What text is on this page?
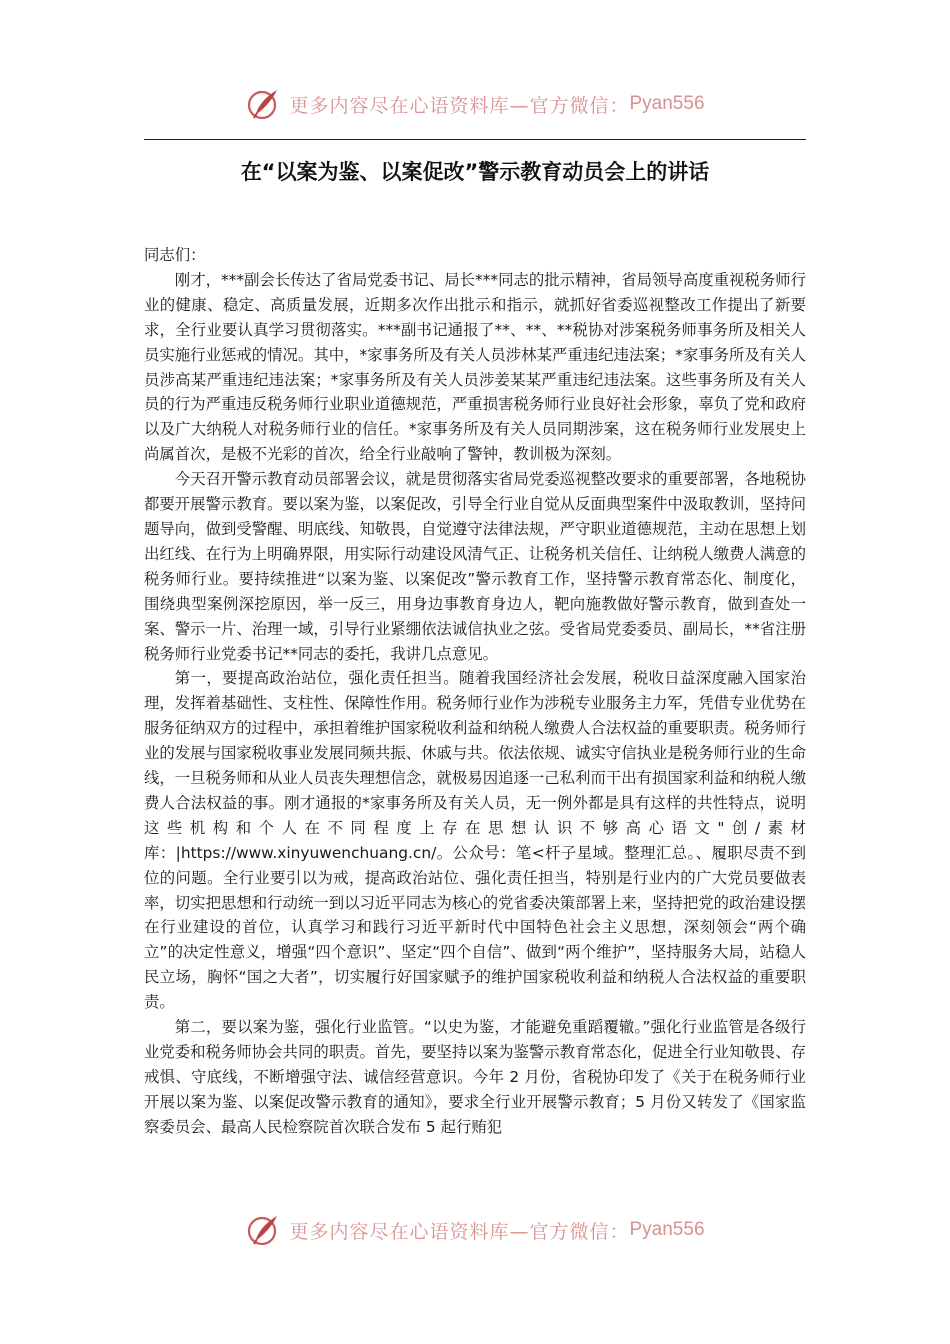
更多内容尽在心语资料库—官方微信： Pyan556
在“以案为鉴、以案促改”警示教育动员会上的讲话

同志们：

刚才，***副会长传达了省局党委书记、局长***同志的批示精神，省局领导高度重视税务师行业的健康、稳定、高质量发展，近期多次作出批示和指示，就抓好省委巡视整改工作提出了新要求，全行业要认真学习贯彻落实。***副书记通报了**、**、**税协对涉案税务师事务所及相关人员实施行业惩戒的情况。其中，*家事务所及有关人员涉林某严重违纪违法案；*家事务所及有关人员涉高某严重违纪违法案；*家事务所及有关人员涉姜某某严重违纪违法案。这些事务所及有关人员的行为严重违反税务师行业职业道德规范，严重损害税务师行业良好社会形象，辜负了党和政府以及广大纳税人对税务师行业的信任。*家事务所及有关人员同期涉案，这在税务师行业发展史上尚属首次，是极不光彩的首次，给全行业敲响了警钟，教训极为深刻。

今天召开警示教育动员部署会议，就是贯彻落实省局党委巡视整改要求的重要部署，各地税协都要开展警示教育。要以案为鉴，以案促改，引导全行业自觉从反面典型案件中汲取教训，坚持问题导向，做到受警醒、明底线、知敬畏，自觉遵守法律法规，严守职业道德规范，主动在思想上划出红线、在行为上明确界限，用实际行动建设风清气正、让税务机关信任、让纳税人缴费人满意的税务师行业。要持续推进“以案为鉴、以案促改”警示教育工作，坚持警示教育常态化、制度化，围绕典型案例深挖原因，举一反三，用身边事教育身边人，靶向施教做好警示教育，做到查处一案、警示一片、治理一域，引导行业紧绷依法诚信执业之弦。受省局党委委员、副局长，**省注册税务师行业党委书记**同志的委托，我讲几点意见。

第一，要提高政治站位，强化责任担当。随着我国经济社会发展，税收日益深度融入国家治理，发挥着基础性、支柱性、保障性作用。税务师行业作为涉税专业服务主力军，凭借专业优势在服务征纳双方的过程中，承担着维护国家税收利益和纳税人缴费人合法权益的重要职责。税务师行业的发展与国家税收事业发展同频共振、休戚与共。依法依规、诚实守信执业是税务师行业的生命线，一旦税务师和从业人员丧失理想信念，就极易因追逐一己私利而干出有损国家利益和纳税人缴费人合法权益的事。刚才通报的*家事务所及有关人员，无一例外都是具有这样的共性特点，说明这些机构和个人在不同程度上存在思想认识不够高心语文"创/素材库：|https://www.xinyuwenchuang.cn/。公众号：笔<杆子星域。整理汇总。、履职尽责不到位的问题。全行业要引以为戒，提高政治站位、强化责任担当，特别是行业内的广大党员要做表率，切实把思想和行动统一到以习近平同志为核心的党省委决策部署上来，坚持把党的政治建设摆在行业建设的首位，认真学习和践行习近平新时代中国特色社会主义思想，深刻领会“两个确立”的决定性意义，增强“四个意识”、坚定“四个自信”、做到“两个维护”，坚持服务大局，站稳人民立场，胸怀“国之大者”，切实履行好国家赋予的维护国家税收利益和纳税人合法权益的重要职责。

第二，要以案为鉴，强化行业监管。“以史为鉴，才能避免重蹈覆辙。”强化行业监管是各级行业党委和税务师协会共同的职责。首先，要坚持以案为鉴警示教育常态化，促进全行业知敬畏、存戒惧、守底线，不断增强守法、诚信经营意识。今年 2 月份，省税协印发了《关于在税务师行业开展以案为鉴、以案促改警示教育的通知》，要求全行业开展警示教育；5 月份又转发了《国家监察委员会、最高人民检察院首次联合发布 5 起行贿犯

更多内容尽在心语资料库—官方微信： Pyan556
